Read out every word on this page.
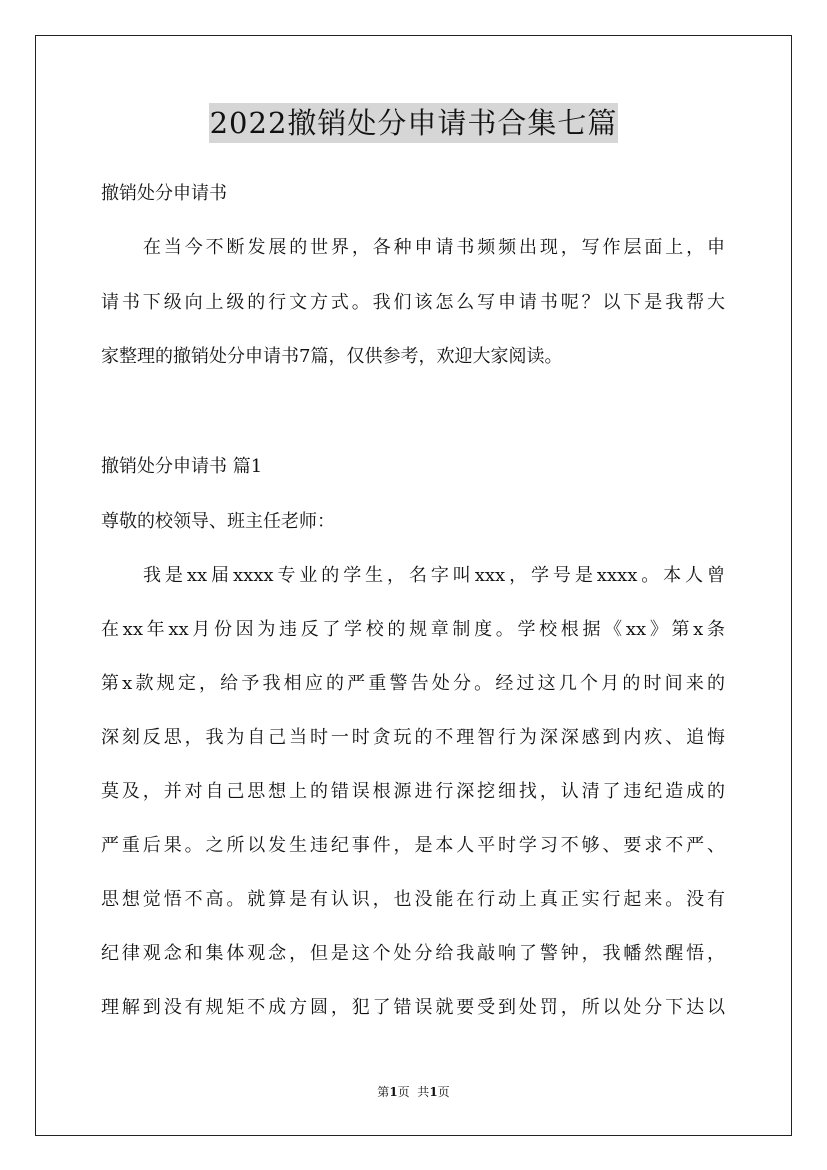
2022撤销处分申请书合集七篇
撤销处分申请书
在当今不断发展的世界，各种申请书频频出现，写作层面上，申
请书下级向上级的行文方式。我们该怎么写申请书呢？以下是我帮大
家整理的撤销处分申请书7篇，仅供参考，欢迎大家阅读。
撤销处分申请书 篇1
尊敬的校领导、班主任老师：
我是xx届xxxx专业的学生，名字叫xxx，学号是xxxx。本人曾
在xx年xx月份因为违反了学校的规章制度。学校根据《xx》第x条
第x款规定，给予我相应的严重警告处分。经过这几个月的时间来的
深刻反思，我为自己当时一时贪玩的不理智行为深深感到内疚、追悔
莫及，并对自己思想上的错误根源进行深挖细找，认清了违纪造成的
严重后果。之所以发生违纪事件，是本人平时学习不够、要求不严、
思想觉悟不高。就算是有认识，也没能在行动上真正实行起来。没有
纪律观念和集体观念，但是这个处分给我敲响了警钟，我幡然醒悟，
理解到没有规矩不成方圆，犯了错误就要受到处罚，所以处分下达以
第1页  共1页
